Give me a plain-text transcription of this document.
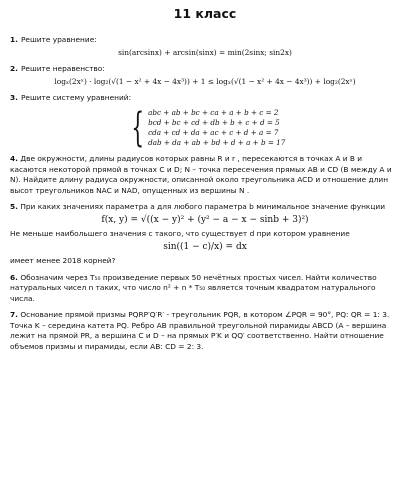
11 класс
1. Решите уравнение:
sin(arcsinx) + arcsin(sinx) = min(2sinx; sin2x)
2. Решите неравенство:
logₓ(2xˣ) · log₂(√(1 − x² + 4x − 4x³)) + 1 ≤ logₓ(√(1 − x² + 4x − 4x³)) + log₂(2xˣ)
3. Решите систему уравнений:
{ abc + ab + bc + ca + a + b + c = 2
bcd + bc + cd + db + b + c + d = 5
cda + cd + da + ac + c + d + a = 7
dab + da + ab + bd + d + a + b = 17

4. Две окружности, длины радиусов которых равны R и r , пересекаются в точках A и B и касаются некоторой прямой в точках C и D; N – точка пересечения прямых AB и CD (B между A и N). Найдите длину радиуса окружности, описанной около треугольника ACD и отношение длин высот треугольников NAC и NAD, опущенных из вершины N .

5. При каких значениях параметра a для любого параметра b минимальное значение функции

f(x, y) = √((x − y)² + (y² − a − x − sinb + 3)²)

Не меньше наибольшего значения c такого, что существует d при котором уравнение

sin((1 − c)/x) = dx

имеет менее 2018 корней?

6. Обозначим через T₅₀ произведение первых 50 нечётных простых чисел. Найти количество натуральных чисел n таких, что число n² + n * T₅₀ является точным квадратом натурального числа.

7. Основание прямой призмы PQRP′Q′R′ - треугольник PQR, в котором ∠PQR = 90°, PQ: QR = 1: 3. Точка K – середина катета PQ. Ребро AB правильной треугольной пирамиды ABCD (A – вершина лежит на прямой PR, а вершина C и D – на прямых P′K и QQ′ соответственно. Найти отношение объемов призмы и пирамиды, если AB: CD = 2: 3.
